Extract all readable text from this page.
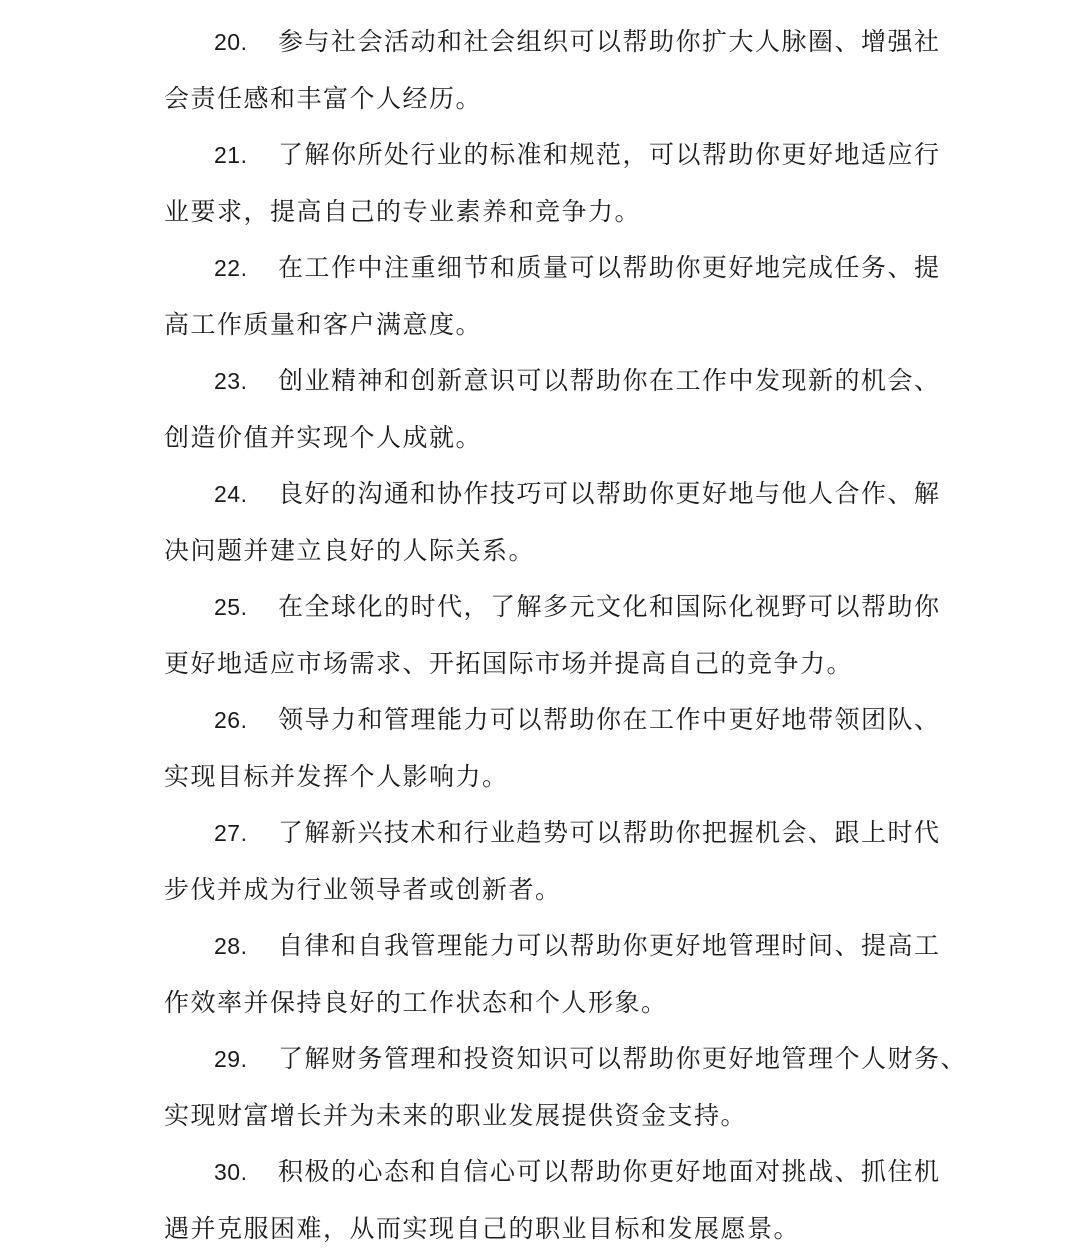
20. 参与社会活动和社会组织可以帮助你扩大人脉圈、增强社
会责任感和丰富个人经历。
21. 了解你所处行业的标准和规范，可以帮助你更好地适应行
业要求，提高自己的专业素养和竞争力。
22. 在工作中注重细节和质量可以帮助你更好地完成任务、提
高工作质量和客户满意度。
23. 创业精神和创新意识可以帮助你在工作中发现新的机会、
创造价值并实现个人成就。
24. 良好的沟通和协作技巧可以帮助你更好地与他人合作、解
决问题并建立良好的人际关系。
25. 在全球化的时代，了解多元文化和国际化视野可以帮助你
更好地适应市场需求、开拓国际市场并提高自己的竞争力。
26. 领导力和管理能力可以帮助你在工作中更好地带领团队、
实现目标并发挥个人影响力。
27. 了解新兴技术和行业趋势可以帮助你把握机会、跟上时代
步伐并成为行业领导者或创新者。
28. 自律和自我管理能力可以帮助你更好地管理时间、提高工
作效率并保持良好的工作状态和个人形象。
29. 了解财务管理和投资知识可以帮助你更好地管理个人财务、
实现财富增长并为未来的职业发展提供资金支持。
30. 积极的心态和自信心可以帮助你更好地面对挑战、抓住机
遇并克服困难，从而实现自己的职业目标和发展愿景。
